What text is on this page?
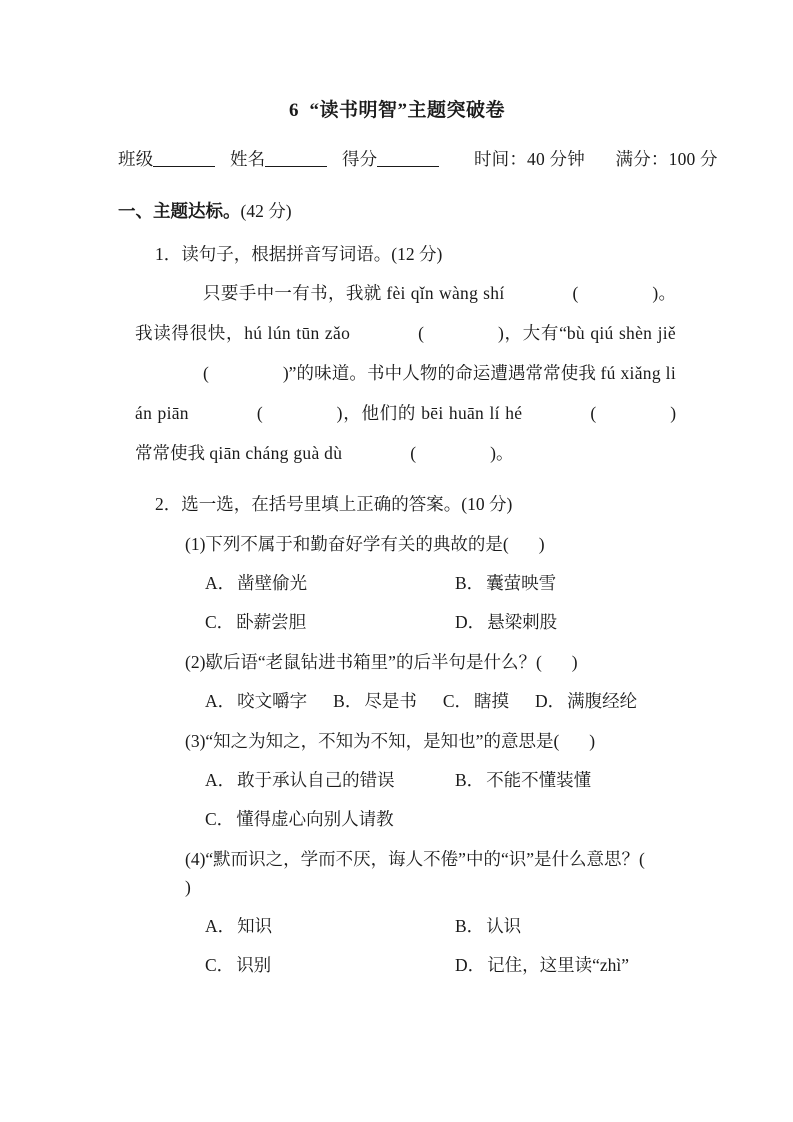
6  “读书明智”主题突破卷
班级	姓名	得分	时间：40 分钟 满分：100 分
一、主题达标。(42 分)
1．读句子，根据拼音写词语。(12 分)
只要手中一有书，我就 fèi qǐn wàng shí	(	)。我读得很快，hú lún tūn zǎo	(	)，大有“bù qiú shèn jiě(	)”的味道。书中人物的命运遭遇常常使我 fú xiǎng lián piān	(	)，他们的 bēi huān lí hé	(	)常常使我 qiān cháng guà dù	(	)。
2．选一选，在括号里填上正确的答案。(10 分)
(1)下列不属于和勤奋好学有关的典故的是( )
A． 凿壁偷光	B． 囊萤映雪
C． 卧薪尝胆	D． 悬梁刺股
(2)歇后语“老鼠钻进书箱里”的后半句是什么？( )
A． 咬文嚼字 B． 尽是书 C． 瞎摸 D． 满腹经纶
(3)“知之为知之，不知为不知，是知也”的意思是( )
A． 敢于承认自己的错误	B． 不能不懂装懂
C． 懂得虚心向别人请教
(4)“默而识之，学而不厌，诲人不倦”中的“识”是什么意思？()
A． 知识	B． 认识
C． 识别	D． 记住，这里读“zhì”
